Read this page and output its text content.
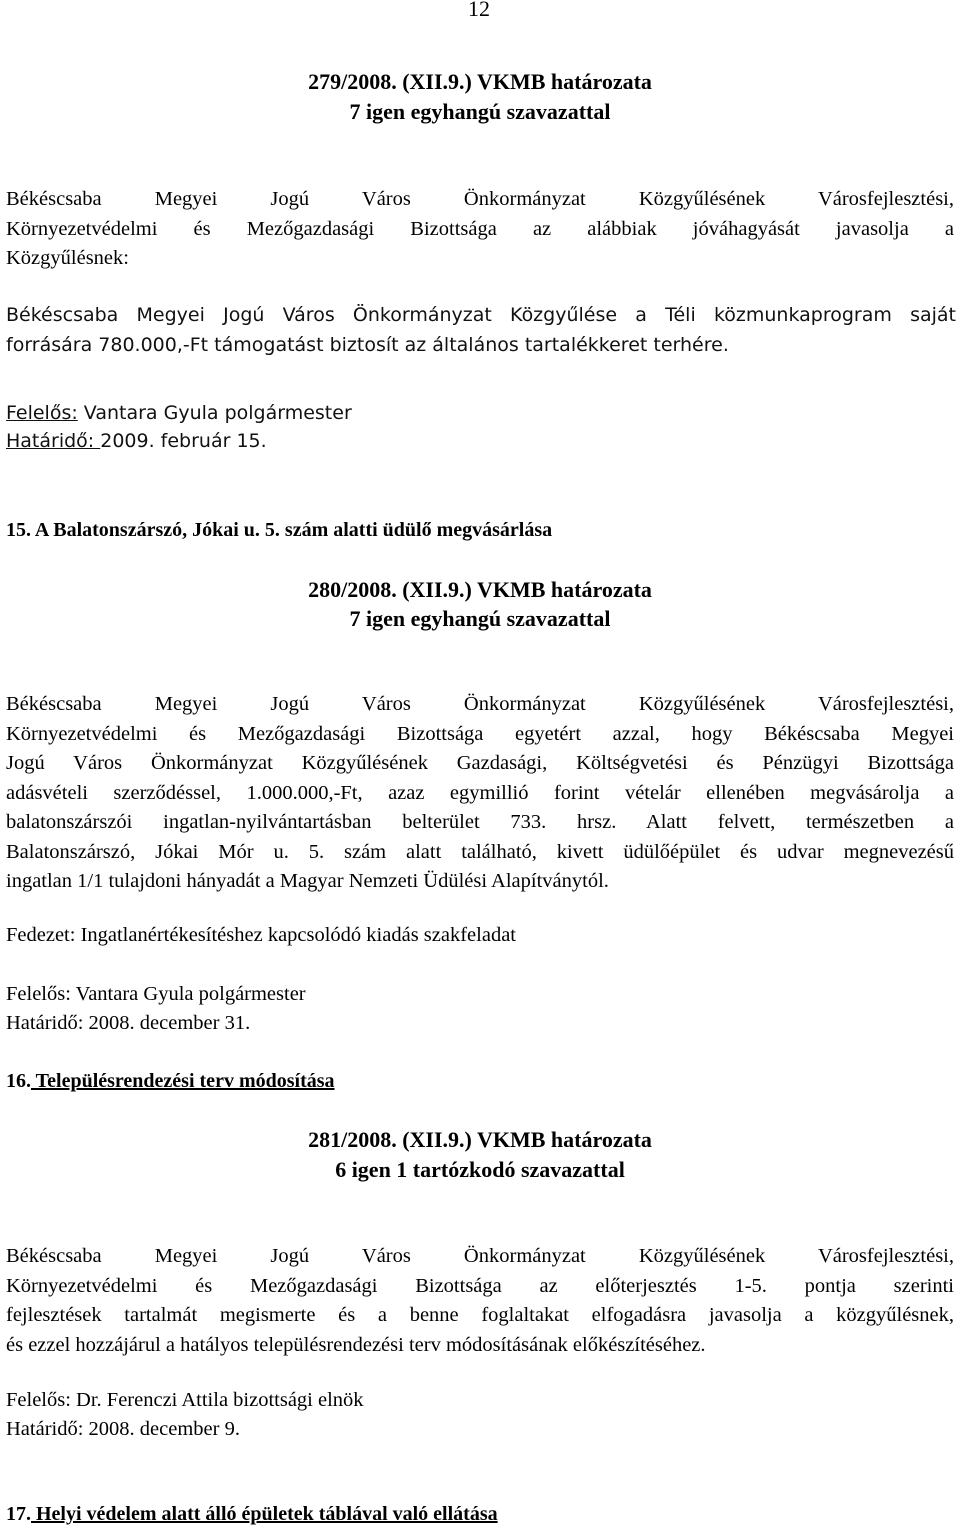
12
279/2008. (XII.9.) VKMB határozata
7 igen egyhangú szavazattal
Békéscsaba Megyei Jogú Város Önkormányzat Közgyűlésének Városfejlesztési,
Környezetvédelmi és Mezőgazdasági Bizottsága az alábbiak jóváhagyását javasolja a
Közgyűlésnek:
Békéscsaba Megyei Jogú Város Önkormányzat Közgyűlése a Téli közmunkaprogram saját
forrására 780.000,-Ft támogatást biztosít az általános tartalékkeret terhére.
Felelős: Vantara Gyula polgármester
Határidő: 2009. február 15.
15. A Balatonszárszó, Jókai u. 5. szám alatti üdülő megvásárlása
280/2008. (XII.9.) VKMB határozata
7 igen egyhangú szavazattal
Békéscsaba Megyei Jogú Város Önkormányzat Közgyűlésének Városfejlesztési,
Környezetvédelmi és Mezőgazdasági Bizottsága egyetért azzal, hogy Békéscsaba Megyei
Jogú Város Önkormányzat Közgyűlésének Gazdasági, Költségvetési és Pénzügyi Bizottsága
adásvételi szerződéssel, 1.000.000,-Ft, azaz egymillió forint vételár ellenében megvásárolja a
balatonszárszói ingatlan-nyilvántartásban belterület 733. hrsz. Alatt felvett, természetben a
Balatonszárszó, Jókai Mór u. 5. szám alatt található, kivett üdülőépület és udvar megnevezésű
ingatlan 1/1 tulajdoni hányadát a Magyar Nemzeti Üdülési Alapítványtól.
Fedezet: Ingatlanértékesítéshez kapcsolódó kiadás szakfeladat
Felelős: Vantara Gyula polgármester
Határidő: 2008. december 31.
16. Településrendezési terv módosítása
281/2008. (XII.9.) VKMB határozata
6 igen 1 tartózkodó szavazattal
Békéscsaba Megyei Jogú Város Önkormányzat Közgyűlésének Városfejlesztési,
Környezetvédelmi és Mezőgazdasági Bizottsága az előterjesztés 1-5. pontja szerinti
fejlesztések tartalmát megismerte és a benne foglaltakat elfogadásra javasolja a közgyűlésnek,
és ezzel hozzájárul a hatályos településrendezési terv módosításának előkészítéséhez.
Felelős: Dr. Ferenczi Attila bizottsági elnök
Határidő: 2008. december 9.
17. Helyi védelem alatt álló épületek táblával való ellátása
